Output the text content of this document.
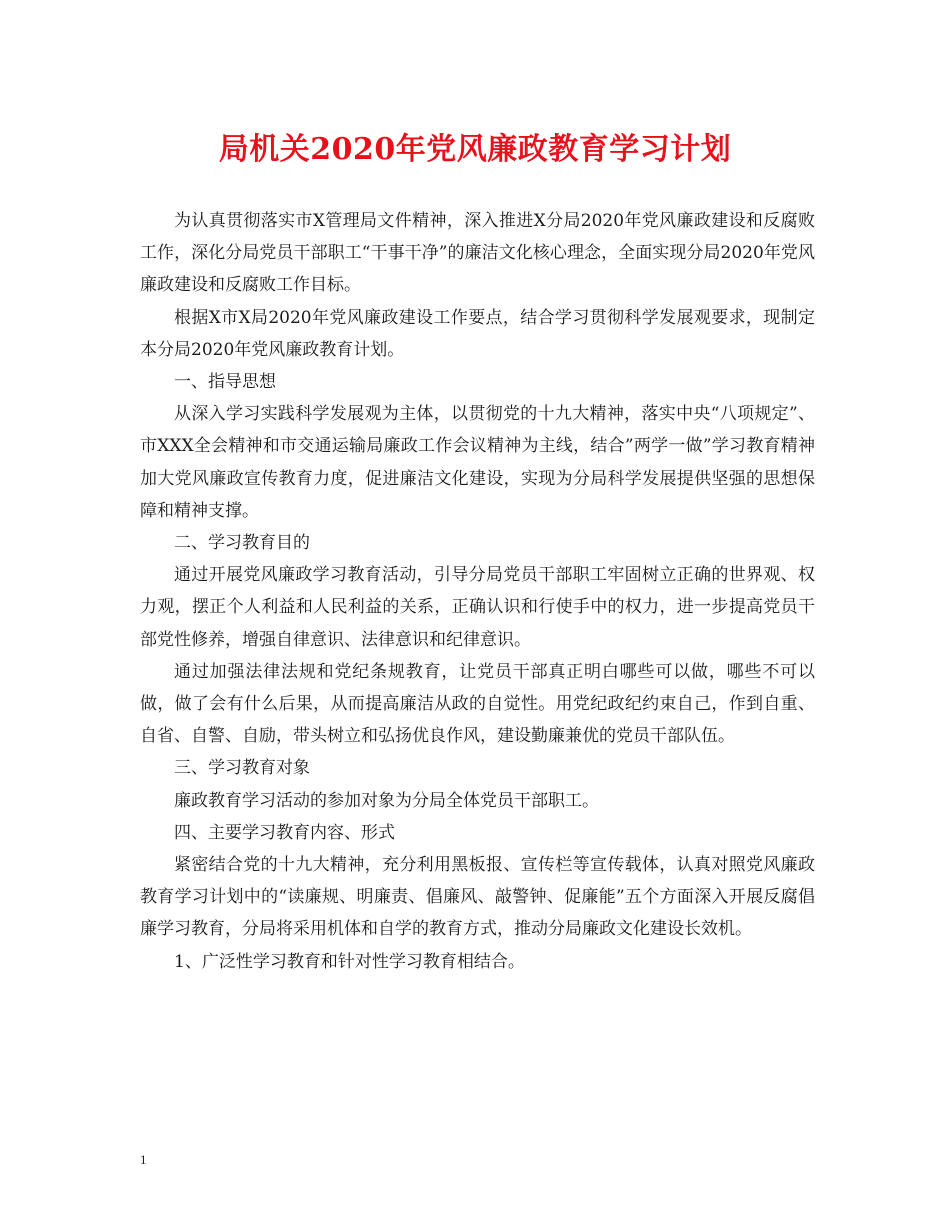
局机关2020年党风廉政教育学习计划

为认真贯彻落实市X管理局文件精神，深入推进X分局2020年党风廉政建设和反腐败工作，深化分局党员干部职工“干事干净”的廉洁文化核心理念，全面实现分局2020年党风廉政建设和反腐败工作目标。

根据X市X局2020年党风廉政建设工作要点，结合学习贯彻科学发展观要求，现制定本分局2020年党风廉政教育计划。

一、指导思想

从深入学习实践科学发展观为主体，以贯彻党的十九大精神，落实中央“八项规定”、市XXX全会精神和市交通运输局廉政工作会议精神为主线，结合”两学一做”学习教育精神加大党风廉政宣传教育力度，促进廉洁文化建设，实现为分局科学发展提供坚强的思想保障和精神支撑。

二、学习教育目的

通过开展党风廉政学习教育活动，引导分局党员干部职工牢固树立正确的世界观、权力观，摆正个人利益和人民利益的关系，正确认识和行使手中的权力，进一步提高党员干部党性修养，增强自律意识、法律意识和纪律意识。

通过加强法律法规和党纪条规教育，让党员干部真正明白哪些可以做，哪些不可以做，做了会有什么后果，从而提高廉洁从政的自觉性。用党纪政纪约束自己，作到自重、自省、自警、自励，带头树立和弘扬优良作风，建设勤廉兼优的党员干部队伍。

三、学习教育对象

廉政教育学习活动的参加对象为分局全体党员干部职工。

四、主要学习教育内容、形式

紧密结合党的十九大精神，充分利用黑板报、宣传栏等宣传载体，认真对照党风廉政教育学习计划中的“读廉规、明廉责、倡廉风、敲警钟、促廉能”五个方面深入开展反腐倡廉学习教育，分局将采用机体和自学的教育方式，推动分局廉政文化建设长效机。

1、广泛性学习教育和针对性学习教育相结合。

1
